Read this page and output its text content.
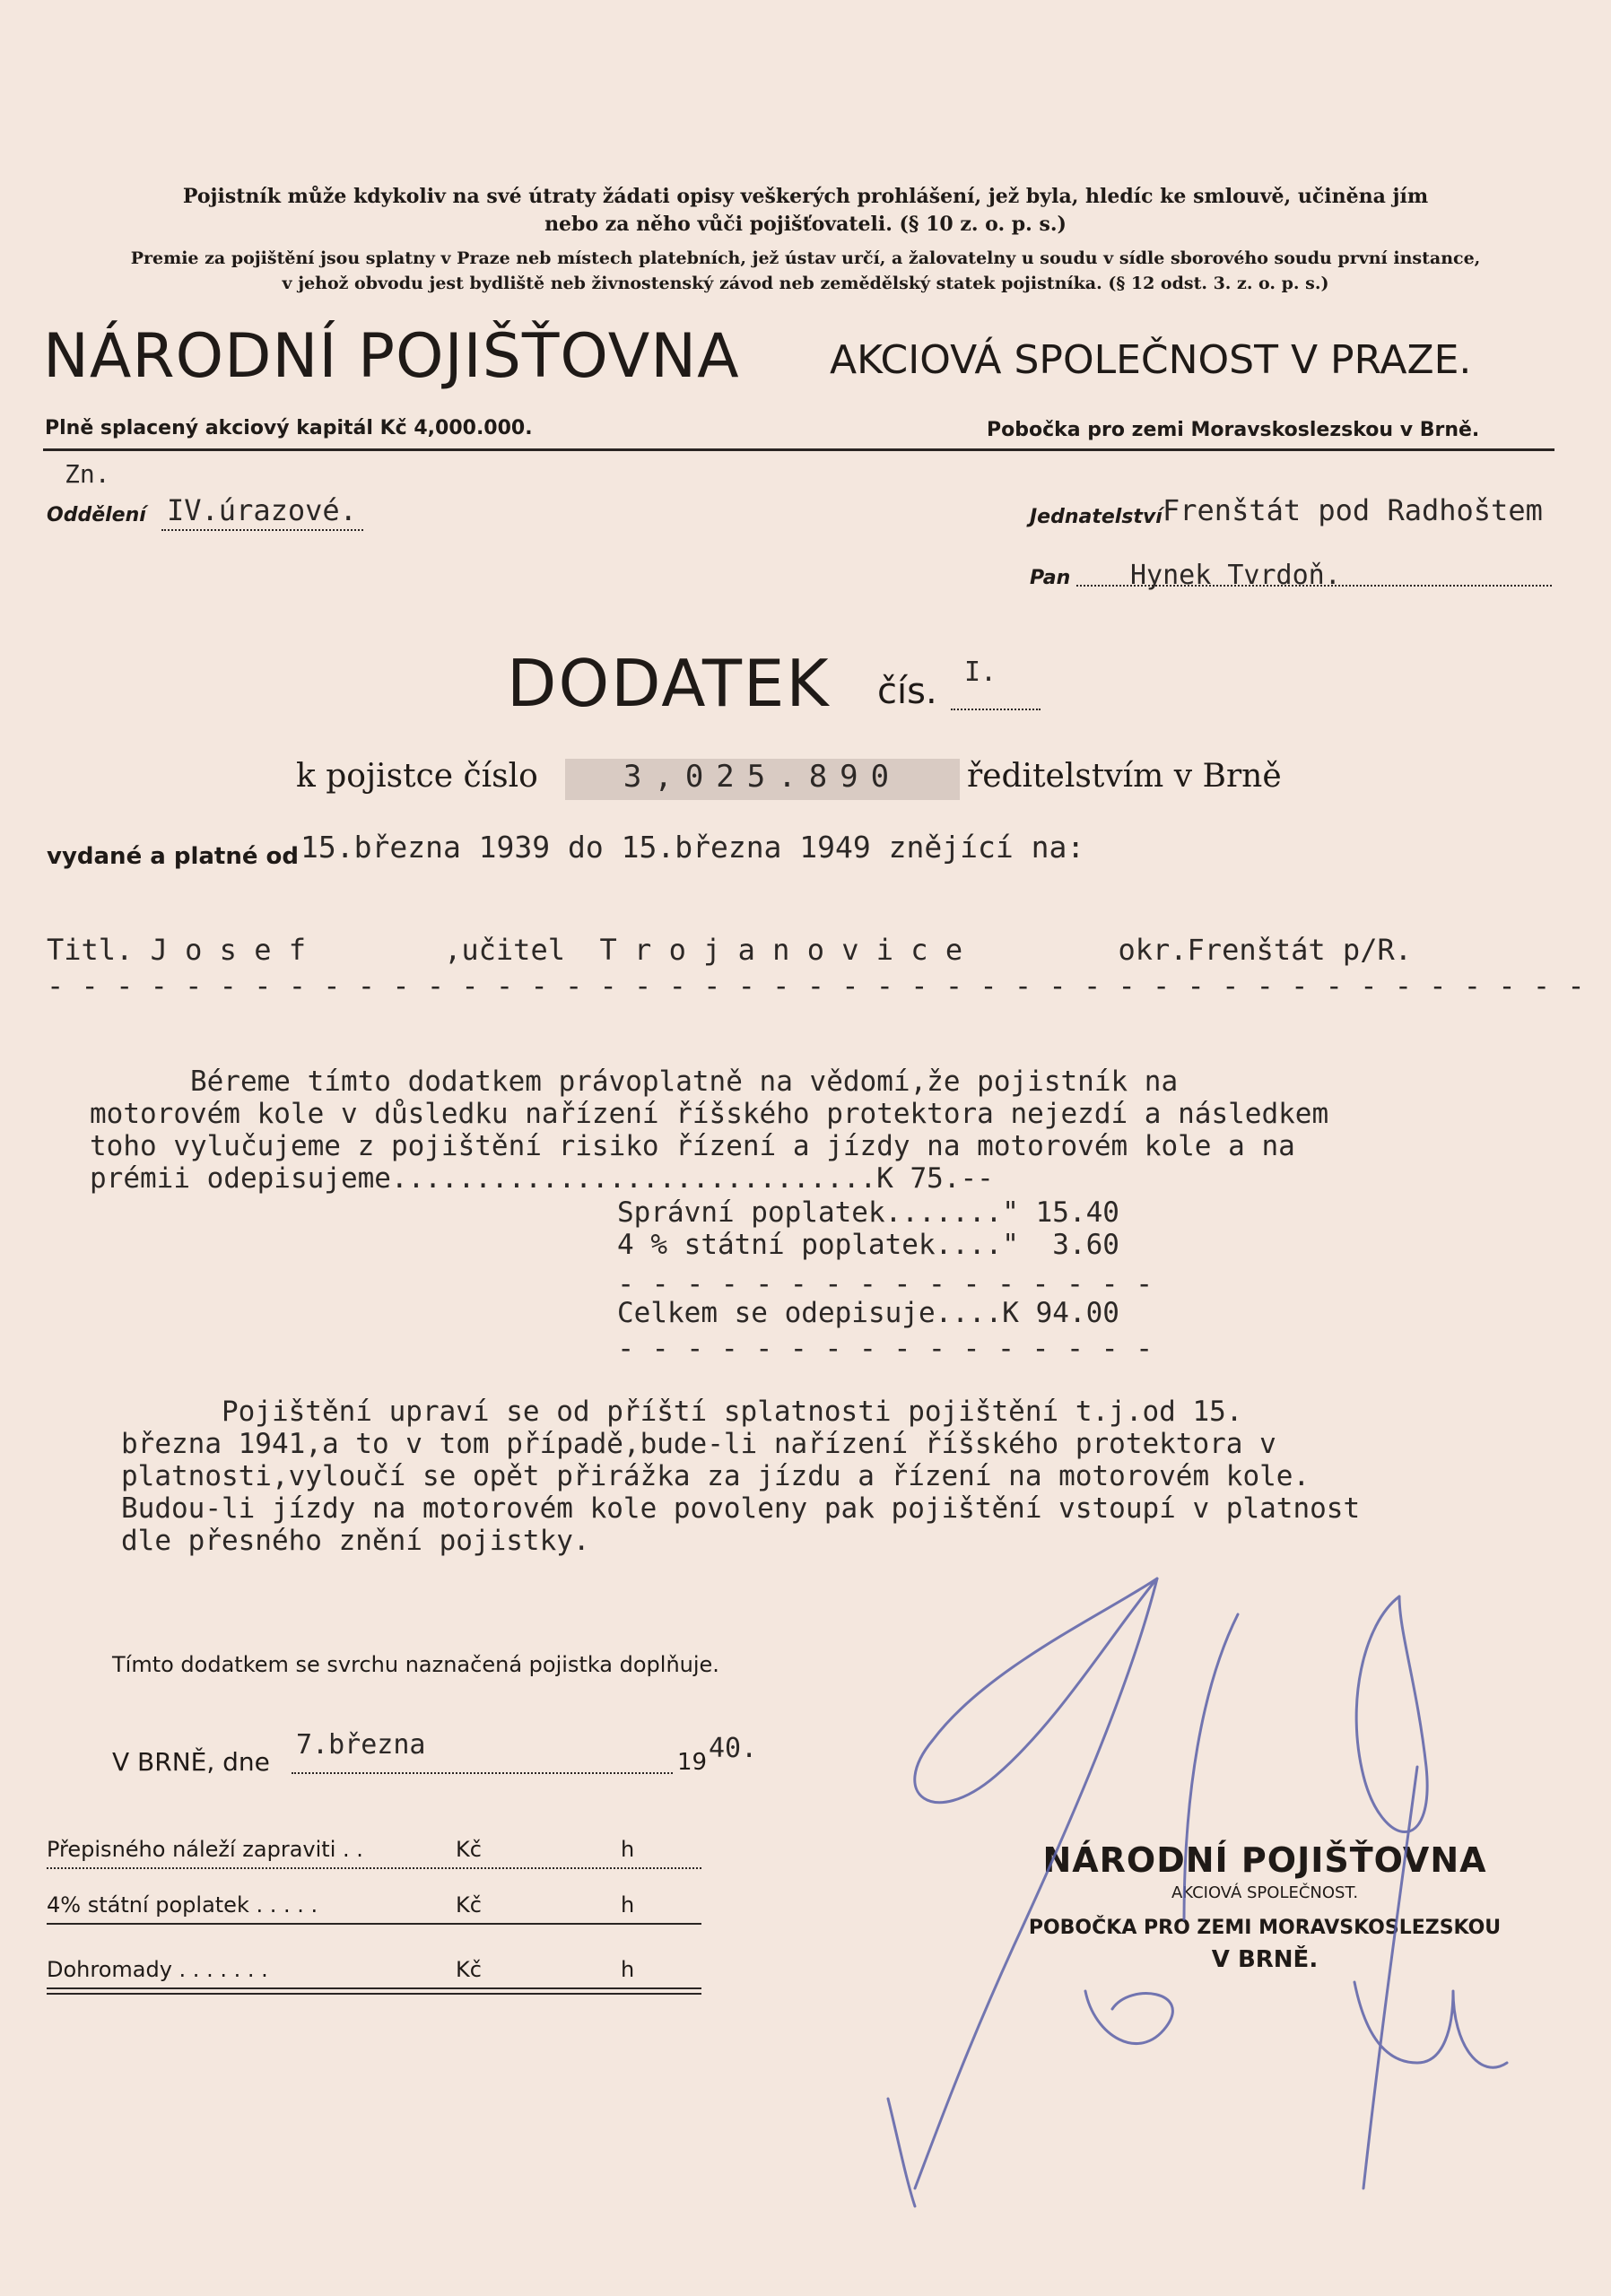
Pojistník může kdykoliv na své útraty žádati opisy veškerých prohlášení, jež byla, hledíc ke smlouvě, učiněna jím
nebo za něho vůči pojišťovateli. (§ 10 z. o. p. s.)
Premie za pojištění jsou splatny v Praze neb místech platebních, jež ústav určí, a žalovatelny u soudu v sídle sborového soudu první instance,
v jehož obvodu jest bydliště neb živnostenský závod neb zemědělský statek pojistníka. (§ 12 odst. 3. z. o. p. s.)
NÁRODNÍ POJIŠŤOVNA AKCIOVÁ SPOLEČNOST V PRAZE.
Plně splacený akciový kapitál Kč 4,000.000.	Pobočka pro zemi Moravskoslezskou v Brně.
Zn.
Oddělení IV.úrazové.	Jednatelství Frenštát pod Radhoštem
Pan Hynek Tvrdoň.
DODATEK čís. I.
k pojistce číslo	3,025.890	ředitelstvím v Brně
vydané a platné od 15.března 1939 do 15.března 1949 znějící na:
Titl. J o s e f        ,učitel  T r o j a n o v i c e         okr.Frenštát p/R.
- - - - - - - - - - - - - - - - - - - - - - - - - - - - - - - - - - - - - - - - - - - - -
Béreme tímto dodatkem právoplatně na vědomí,že pojistník na
motorovém kole v důsledku nařízení říšského protektora nejezdí a následkem
toho vylučujeme z pojištění risiko řízení a jízdy na motorovém kole a na
prémii odepisujeme.............................K 75.--
Správní poplatek......." 15.40
4 % státní poplatek...."  3.60
- - - - - - - - - - - - - - - -
Celkem se odepisuje....K 94.00
- - - - - - - - - - - - - - - -
Pojištění upraví se od příští splatnosti pojištění t.j.od 15.
března 1941,a to v tom případě,bude-li nařízení říšského protektora v
platnosti,vyloučí se opět přirážka za jízdu a řízení na motorovém kole.
Budou-li jízdy na motorovém kole povoleny pak pojištění vstoupí v platnost
dle přesného znění pojistky.
Tímto dodatkem se svrchu naznačená pojistka doplňuje.
V BRNĚ, dne
7.března
19 40.
Přepisného náleží zapraviti . .	Kč	h
4% státní poplatek . . . . .	Kč	h
Dohromady . . . . . . .	Kč	h
NÁRODNÍ POJIŠŤOVNA
AKCIOVÁ SPOLEČNOST.
POBOČKA PRO ZEMI MORAVSKOSLEZSKOU
V BRNĚ.
